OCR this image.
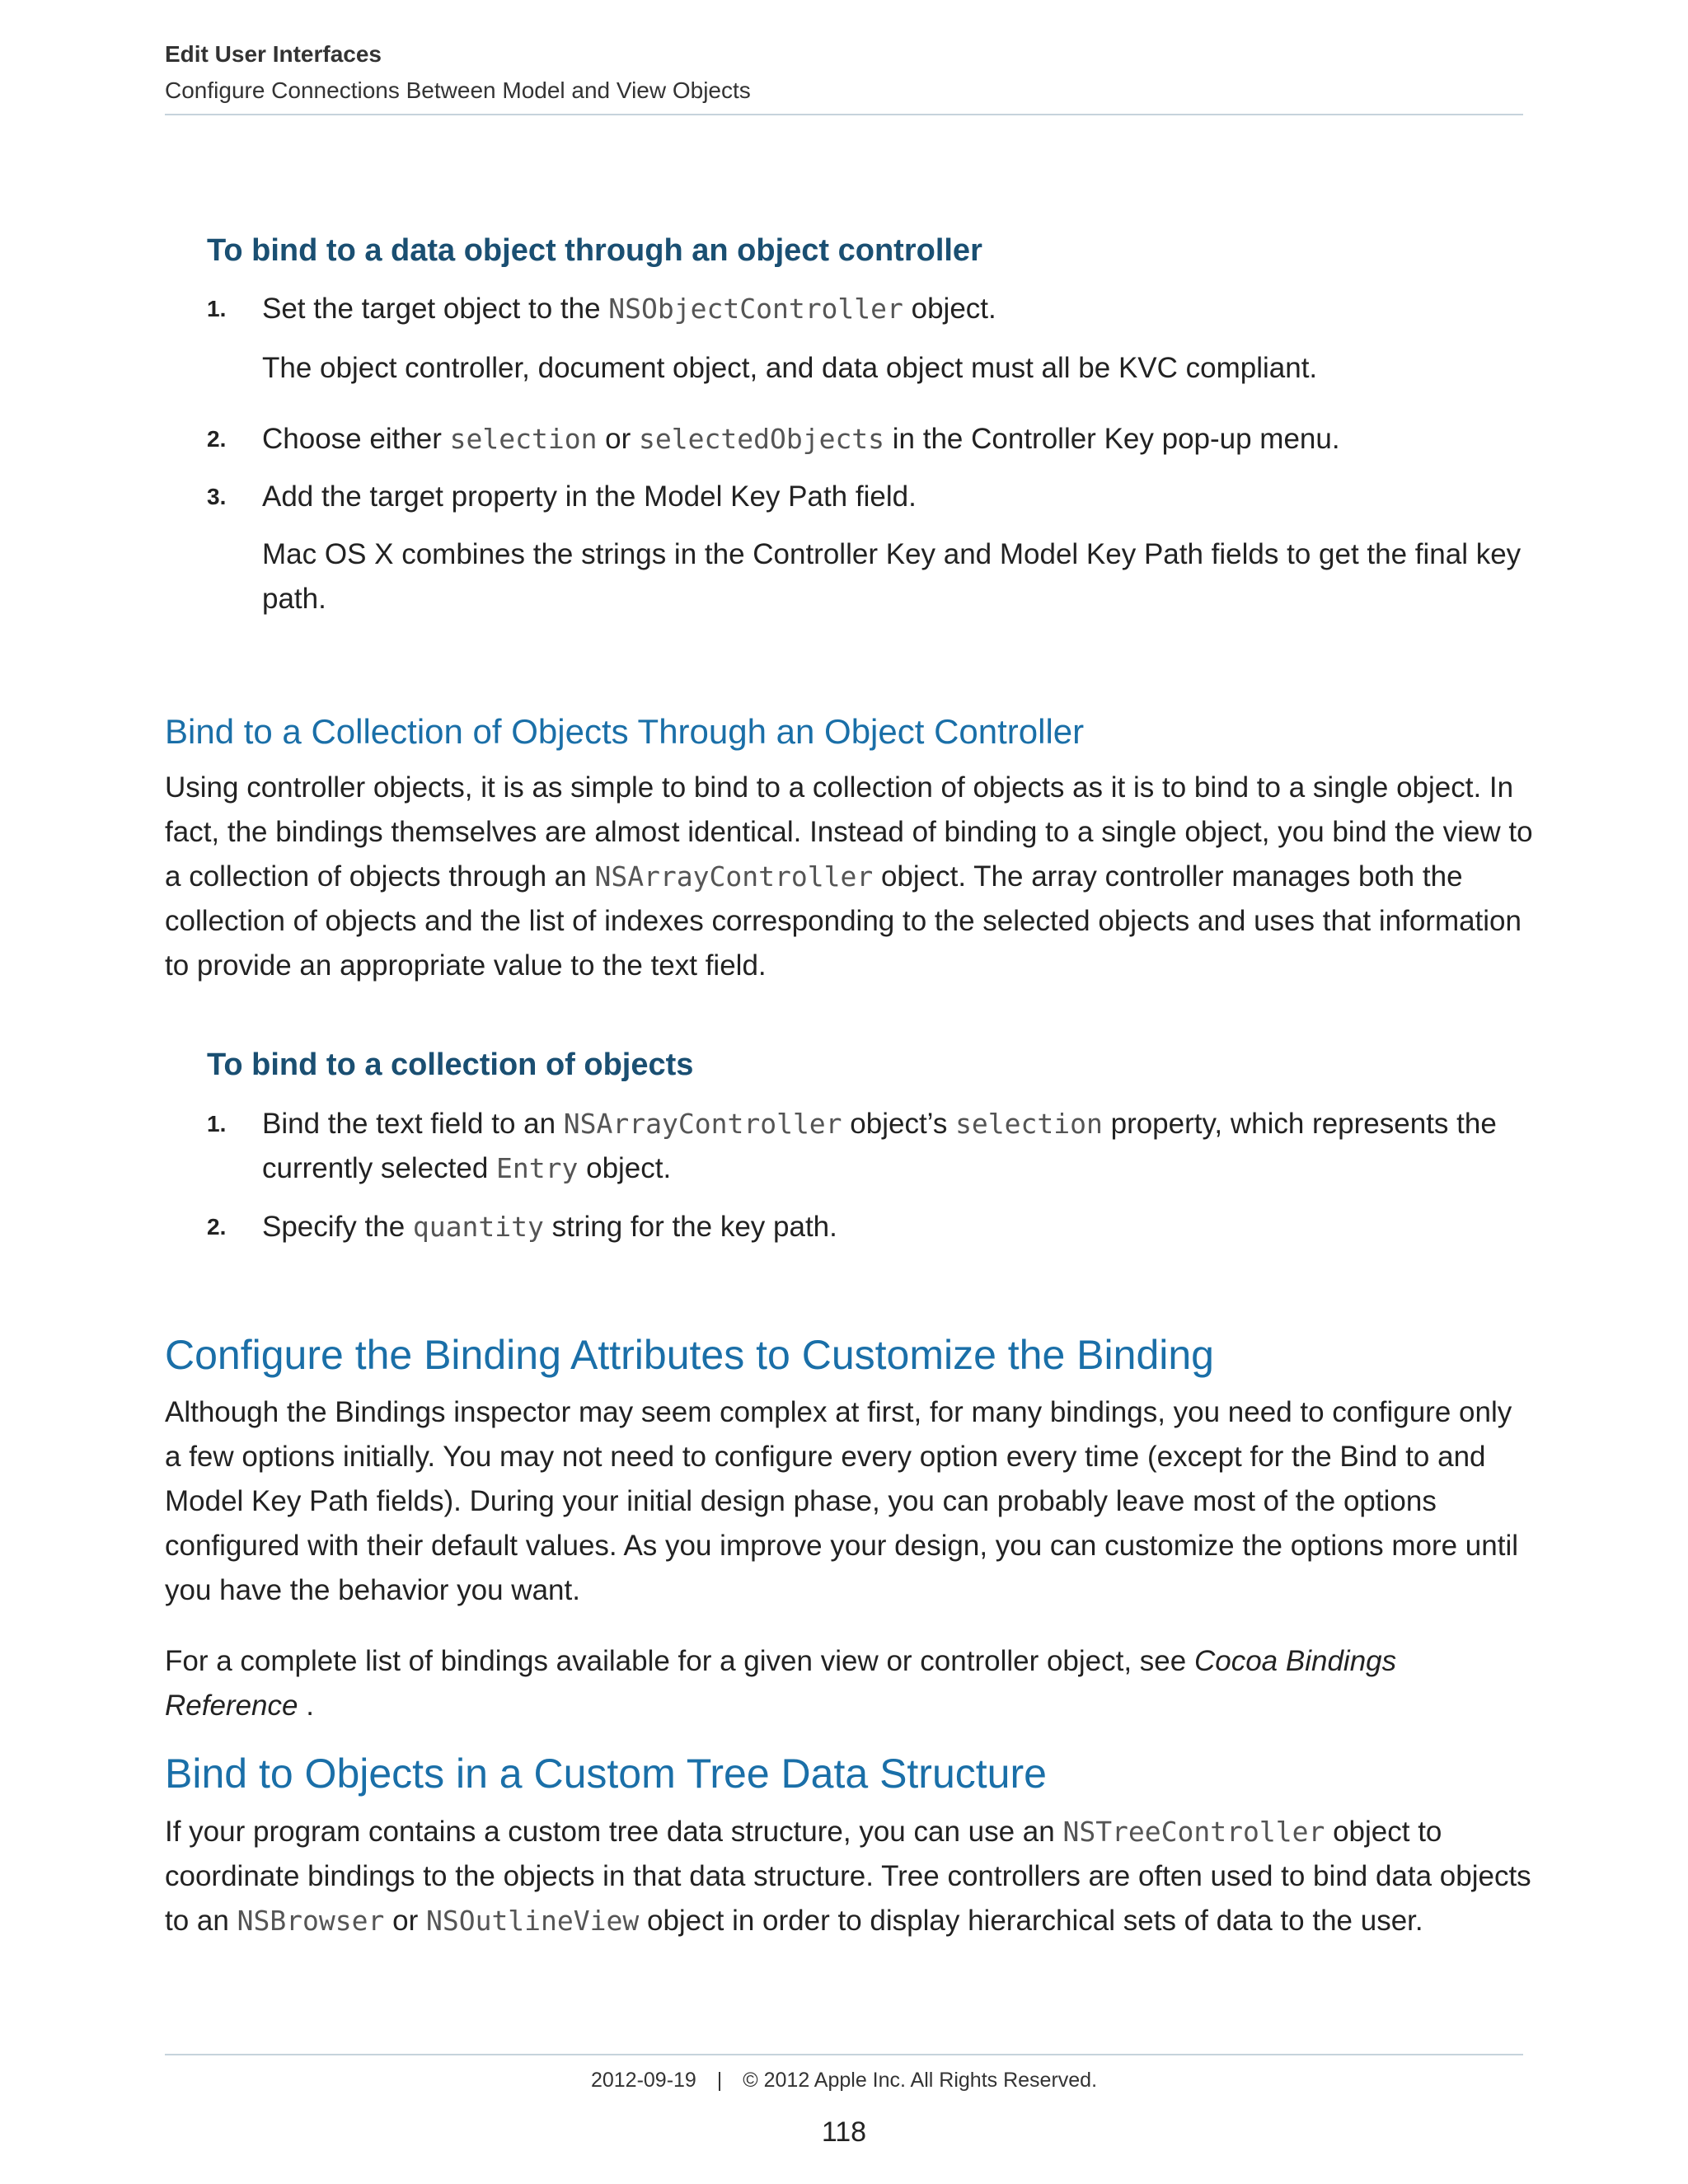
Edit User Interfaces
Configure Connections Between Model and View Objects
To bind to a data object through an object controller
1.	Set the target object to the NSObjectController object.
The object controller, document object, and data object must all be KVC compliant.
2.	Choose either selection or selectedObjects in the Controller Key pop-up menu.
3.	Add the target property in the Model Key Path field.
Mac OS X combines the strings in the Controller Key and Model Key Path fields to get the final key path.
Bind to a Collection of Objects Through an Object Controller
Using controller objects, it is as simple to bind to a collection of objects as it is to bind to a single object. In fact, the bindings themselves are almost identical. Instead of binding to a single object, you bind the view to a collection of objects through an NSArrayController object. The array controller manages both the collection of objects and the list of indexes corresponding to the selected objects and uses that information to provide an appropriate value to the text field.
To bind to a collection of objects
1.	Bind the text field to an NSArrayController object’s selection property, which represents the currently selected Entry object.
2.	Specify the quantity string for the key path.
Configure the Binding Attributes to Customize the Binding
Although the Bindings inspector may seem complex at first, for many bindings, you need to configure only a few options initially. You may not need to configure every option every time (except for the Bind to and Model Key Path fields). During your initial design phase, you can probably leave most of the options configured with their default values. As you improve your design, you can customize the options more until you have the behavior you want.
For a complete list of bindings available for a given view or controller object, see Cocoa Bindings Reference .
Bind to Objects in a Custom Tree Data Structure
If your program contains a custom tree data structure, you can use an NSTreeController object to coordinate bindings to the objects in that data structure. Tree controllers are often used to bind data objects to an NSBrowser or NSOutlineView object in order to display hierarchical sets of data to the user.
2012-09-19 | © 2012 Apple Inc. All Rights Reserved.
118
